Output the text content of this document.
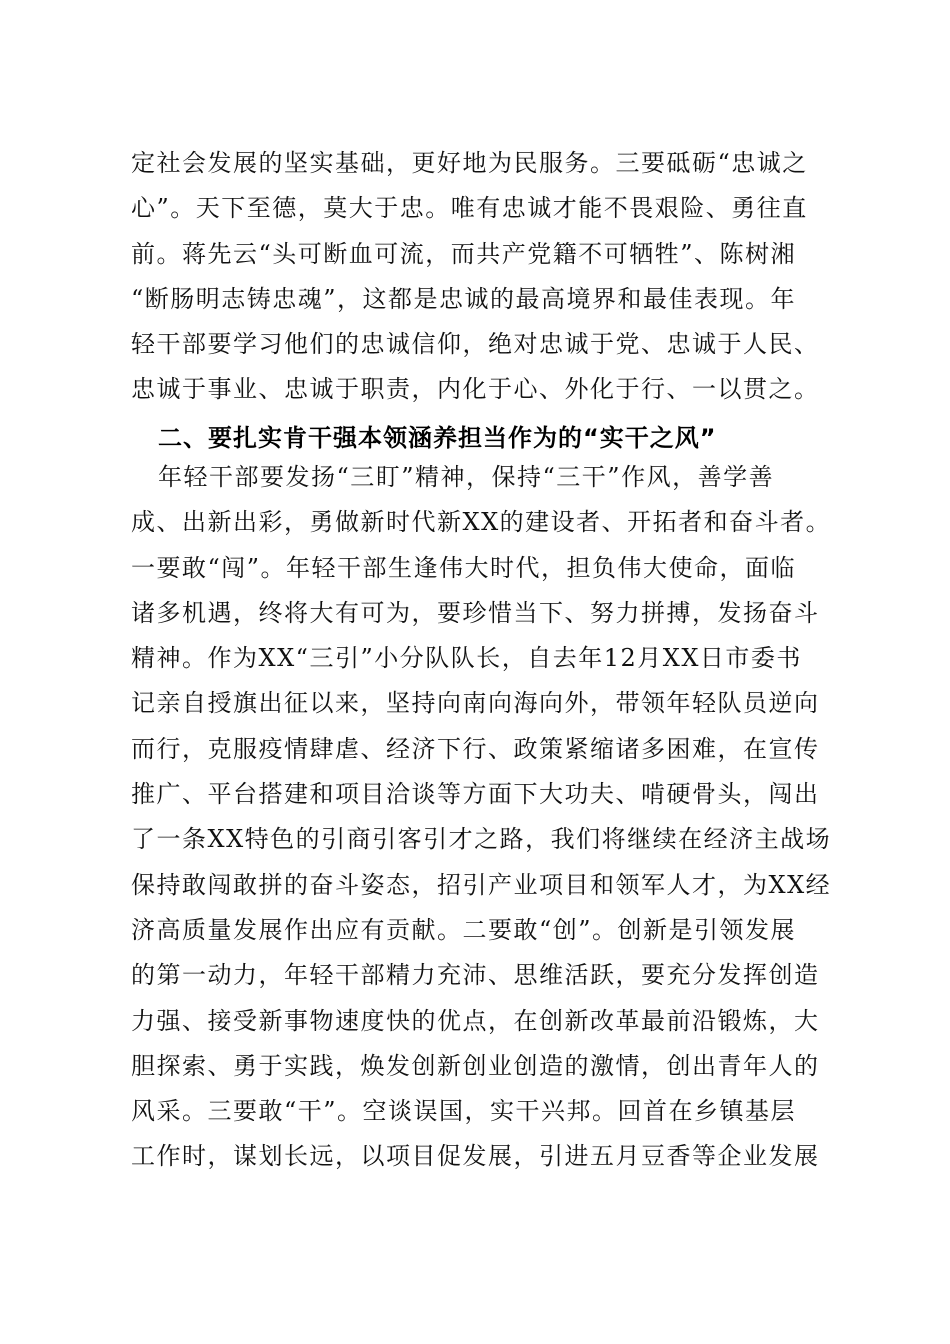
定社会发展的坚实基础，更好地为民服务。三要砥砺“忠诚之
心”。天下至德，莫大于忠。唯有忠诚才能不畏艰险、勇往直
前。蒋先云“头可断血可流，而共产党籍不可牺牲”、陈树湘
“断肠明志铸忠魂”，这都是忠诚的最高境界和最佳表现。年
轻干部要学习他们的忠诚信仰，绝对忠诚于党、忠诚于人民、
忠诚于事业、忠诚于职责，内化于心、外化于行、一以贯之。
二、要扎实肯干强本领涵养担当作为的“实干之风”
年轻干部要发扬“三盯”精神，保持“三干”作风，善学善
成、出新出彩，勇做新时代新XX的建设者、开拓者和奋斗者。
一要敢“闯”。年轻干部生逢伟大时代，担负伟大使命，面临
诸多机遇，终将大有可为，要珍惜当下、努力拼搏，发扬奋斗
精神。作为XX“三引”小分队队长，自去年12月XX日市委书
记亲自授旗出征以来，坚持向南向海向外，带领年轻队员逆向
而行，克服疫情肆虐、经济下行、政策紧缩诸多困难，在宣传
推广、平台搭建和项目洽谈等方面下大功夫、啃硬骨头，闯出
了一条XX特色的引商引客引才之路，我们将继续在经济主战场
保持敢闯敢拼的奋斗姿态，招引产业项目和领军人才，为XX经
济高质量发展作出应有贡献。二要敢“创”。创新是引领发展
的第一动力，年轻干部精力充沛、思维活跃，要充分发挥创造
力强、接受新事物速度快的优点，在创新改革最前沿锻炼，大
胆探索、勇于实践，焕发创新创业创造的激情，创出青年人的
风采。三要敢“干”。空谈误国，实干兴邦。回首在乡镇基层
工作时，谋划长远，以项目促发展，引进五月豆香等企业发展
